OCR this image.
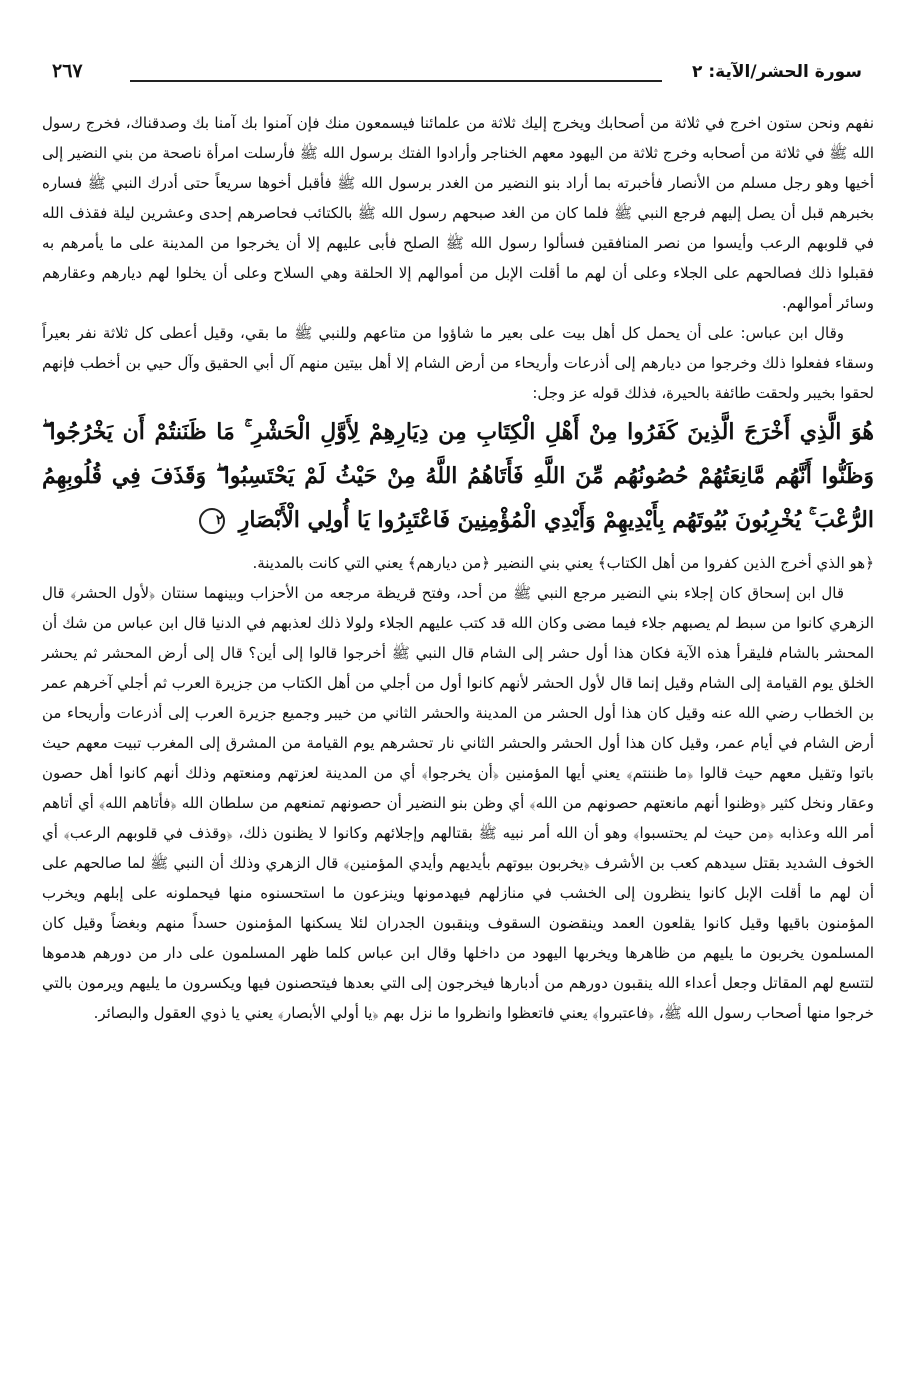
سورة الحشر/الآية: ٢
٢٦٧

نفهم ونحن ستون اخرج في ثلاثة من أصحابك ويخرج إليك ثلاثة من علمائنا فيسمعون منك فإن آمنوا بك آمنا بك وصدقناك، فخرج رسول الله ﷺ في ثلاثة من أصحابه وخرج ثلاثة من اليهود معهم الخناجر وأرادوا الفتك برسول الله ﷺ فأرسلت امرأة ناصحة من بني النضير إلى أخيها وهو رجل مسلم من الأنصار فأخبرته بما أراد بنو النضير من الغدر برسول الله ﷺ فأقبل أخوها سريعاً حتى أدرك النبي ﷺ فساره بخبرهم قبل أن يصل إليهم فرجع النبي ﷺ فلما كان من الغد صبحهم رسول الله ﷺ بالكتائب فحاصرهم إحدى وعشرين ليلة فقذف الله في قلوبهم الرعب وأيسوا من نصر المنافقين فسألوا رسول الله ﷺ الصلح فأبى عليهم إلا أن يخرجوا من المدينة على ما يأمرهم به فقبلوا ذلك فصالحهم على الجلاء وعلى أن لهم ما أقلت الإبل من أموالهم إلا الحلقة وهي السلاح وعلى أن يخلوا لهم ديارهم وعقارهم وسائر أموالهم.

وقال ابن عباس: على أن يحمل كل أهل بيت على بعير ما شاؤوا من متاعهم وللنبي ﷺ ما بقي، وقيل أعطى كل ثلاثة نفر بعيراً وسقاء ففعلوا ذلك وخرجوا من ديارهم إلى أذرعات وأريحاء من أرض الشام إلا أهل بيتين منهم آل أبي الحقيق وآل حيي بن أخطب فإنهم لحقوا بخيبر ولحقت طائفة بالحيرة، فذلك قوله عز وجل:

هُوَ الَّذِي أَخْرَجَ الَّذِينَ كَفَرُوا مِنْ أَهْلِ الْكِتَابِ مِن دِيَارِهِمْ لِأَوَّلِ الْحَشْرِ ۚ مَا ظَنَنتُمْ أَن يَخْرُجُوا ۖ وَظَنُّوا أَنَّهُم مَّانِعَتُهُمْ حُصُونُهُم مِّنَ اللَّهِ فَأَتَاهُمُ اللَّهُ مِنْ حَيْثُ لَمْ يَحْتَسِبُوا ۖ وَقَذَفَ فِي قُلُوبِهِمُ الرُّعْبَ ۚ يُخْرِبُونَ بُيُوتَهُم بِأَيْدِيهِمْ وَأَيْدِي الْمُؤْمِنِينَ فَاعْتَبِرُوا يَا أُولِي الْأَبْصَارِ ٢

﴿هو الذي أخرج الذين كفروا من أهل الكتاب﴾ يعني بني النضير ﴿من ديارهم﴾ يعني التي كانت بالمدينة.

قال ابن إسحاق كان إجلاء بني النضير مرجع النبي ﷺ من أحد، وفتح قريظة مرجعه من الأحزاب وبينهما سنتان ﴿لأول الحشر﴾ قال الزهري كانوا من سبط لم يصبهم جلاء فيما مضى وكان الله قد كتب عليهم الجلاء ولولا ذلك لعذبهم في الدنيا قال ابن عباس من شك أن المحشر بالشام فليقرأ هذه الآية فكان هذا أول حشر إلى الشام قال النبي ﷺ أخرجوا قالوا إلى أين؟ قال إلى أرض المحشر ثم يحشر الخلق يوم القيامة إلى الشام وقيل إنما قال لأول الحشر لأنهم كانوا أول من أجلي من أهل الكتاب من جزيرة العرب ثم أجلي آخرهم عمر بن الخطاب رضي الله عنه وقيل كان هذا أول الحشر من المدينة والحشر الثاني من خيبر وجميع جزيرة العرب إلى أذرعات وأريحاء من أرض الشام في أيام عمر، وقيل كان هذا أول الحشر والحشر الثاني نار تحشرهم يوم القيامة من المشرق إلى المغرب تبيت معهم حيث باتوا وتقيل معهم حيث قالوا ﴿ما ظننتم﴾ يعني أيها المؤمنين ﴿أن يخرجوا﴾ أي من المدينة لعزتهم ومنعتهم وذلك أنهم كانوا أهل حصون وعقار ونخل كثير ﴿وظنوا أنهم مانعتهم حصونهم من الله﴾ أي وظن بنو النضير أن حصونهم تمنعهم من سلطان الله ﴿فأتاهم الله﴾ أي أتاهم أمر الله وعذابه ﴿من حيث لم يحتسبوا﴾ وهو أن الله أمر نبيه ﷺ بقتالهم وإجلائهم وكانوا لا يظنون ذلك، ﴿وقذف في قلوبهم الرعب﴾ أي الخوف الشديد بقتل سيدهم كعب بن الأشرف ﴿يخربون بيوتهم بأيديهم وأيدي المؤمنين﴾ قال الزهري وذلك أن النبي ﷺ لما صالحهم على أن لهم ما أقلت الإبل كانوا ينظرون إلى الخشب في منازلهم فيهدمونها وينزعون ما استحسنوه منها فيحملونه على إبلهم ويخرب المؤمنون باقيها وقيل كانوا يقلعون العمد وينقضون السقوف وينقبون الجدران لئلا يسكنها المؤمنون حسداً منهم وبغضاً وقيل كان المسلمون يخربون ما يليهم من ظاهرها ويخربها اليهود من داخلها وقال ابن عباس كلما ظهر المسلمون على دار من دورهم هدموها لتتسع لهم المقاتل وجعل أعداء الله ينقبون دورهم من أدبارها فيخرجون إلى التي بعدها فيتحصنون فيها ويكسرون ما يليهم ويرمون بالتي خرجوا منها أصحاب رسول الله ﷺ، ﴿فاعتبروا﴾ يعني فاتعظوا وانظروا ما نزل بهم ﴿يا أولي الأبصار﴾ يعني يا ذوي العقول والبصائر.
